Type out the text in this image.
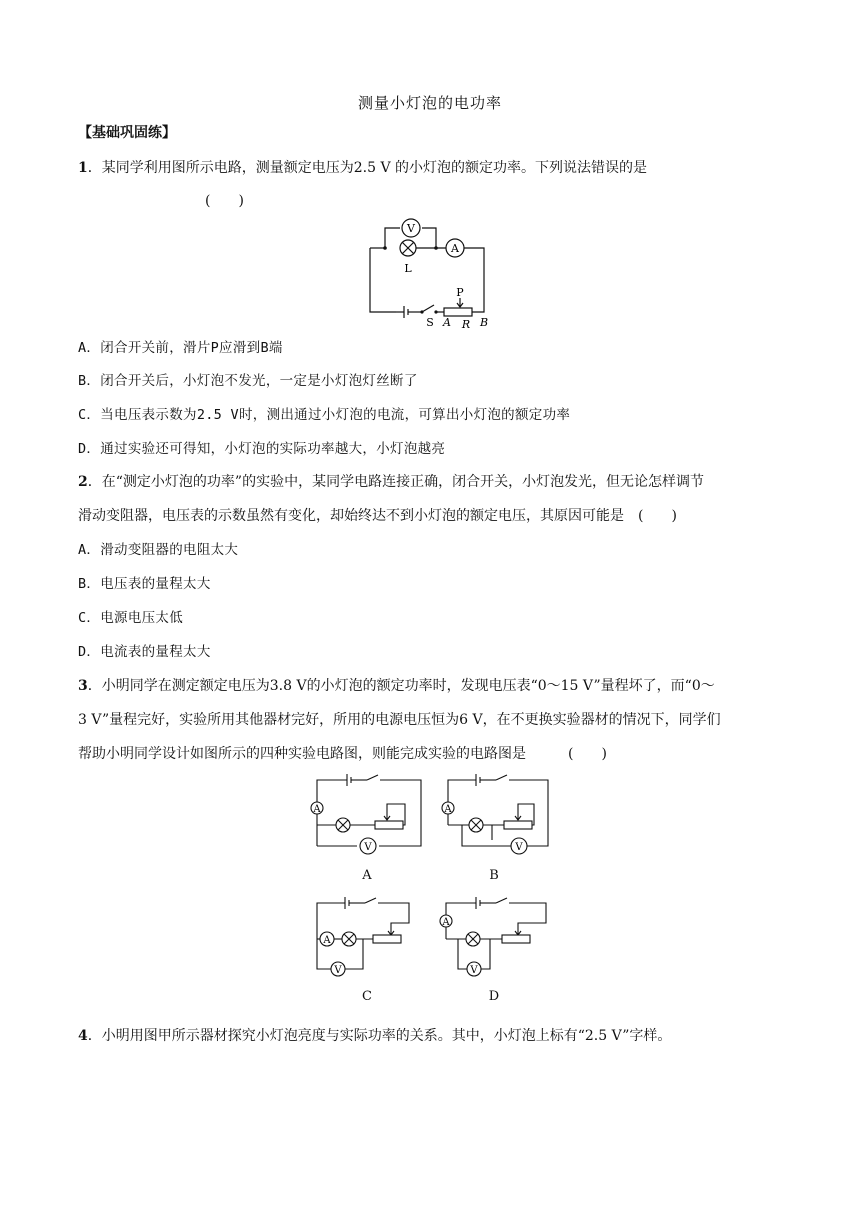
测量小灯泡的电功率
【基础巩固练】
1．某同学利用图所示电路，测量额定电压为2.5 V 的小灯泡的额定功率。下列说法错误的是
(　　)
V
A
L
S
P
A R B
A．闭合开关前，滑片P应滑到B端
B．闭合开关后，小灯泡不发光，一定是小灯泡灯丝断了
C．当电压表示数为2.5 V时，测出通过小灯泡的电流，可算出小灯泡的额定功率
D．通过实验还可得知，小灯泡的实际功率越大，小灯泡越亮
2．在“测定小灯泡的功率”的实验中，某同学电路连接正确，闭合开关，小灯泡发光，但无论怎样调节
滑动变阻器，电压表的示数虽然有变化，却始终达不到小灯泡的额定电压，其原因可能是　(　　)
A．滑动变阻器的电阻太大
B．电压表的量程太大
C．电源电压太低
D．电流表的量程太大
3．小明同学在测定额定电压为3.8 V的小灯泡的额定功率时，发现电压表“0～15 V”量程坏了，而“0～
3 V”量程完好，实验所用其他器材完好，所用的电源电压恒为6 V，在不更换实验器材的情况下，同学们
帮助小明同学设计如图所示的四种实验电路图，则能完成实验的电路图是　　　(　　)
A
V
A
A
V
B
A
V
C
A
V
D
4．小明用图甲所示器材探究小灯泡亮度与实际功率的关系。其中，小灯泡上标有“2.5 V”字样。
